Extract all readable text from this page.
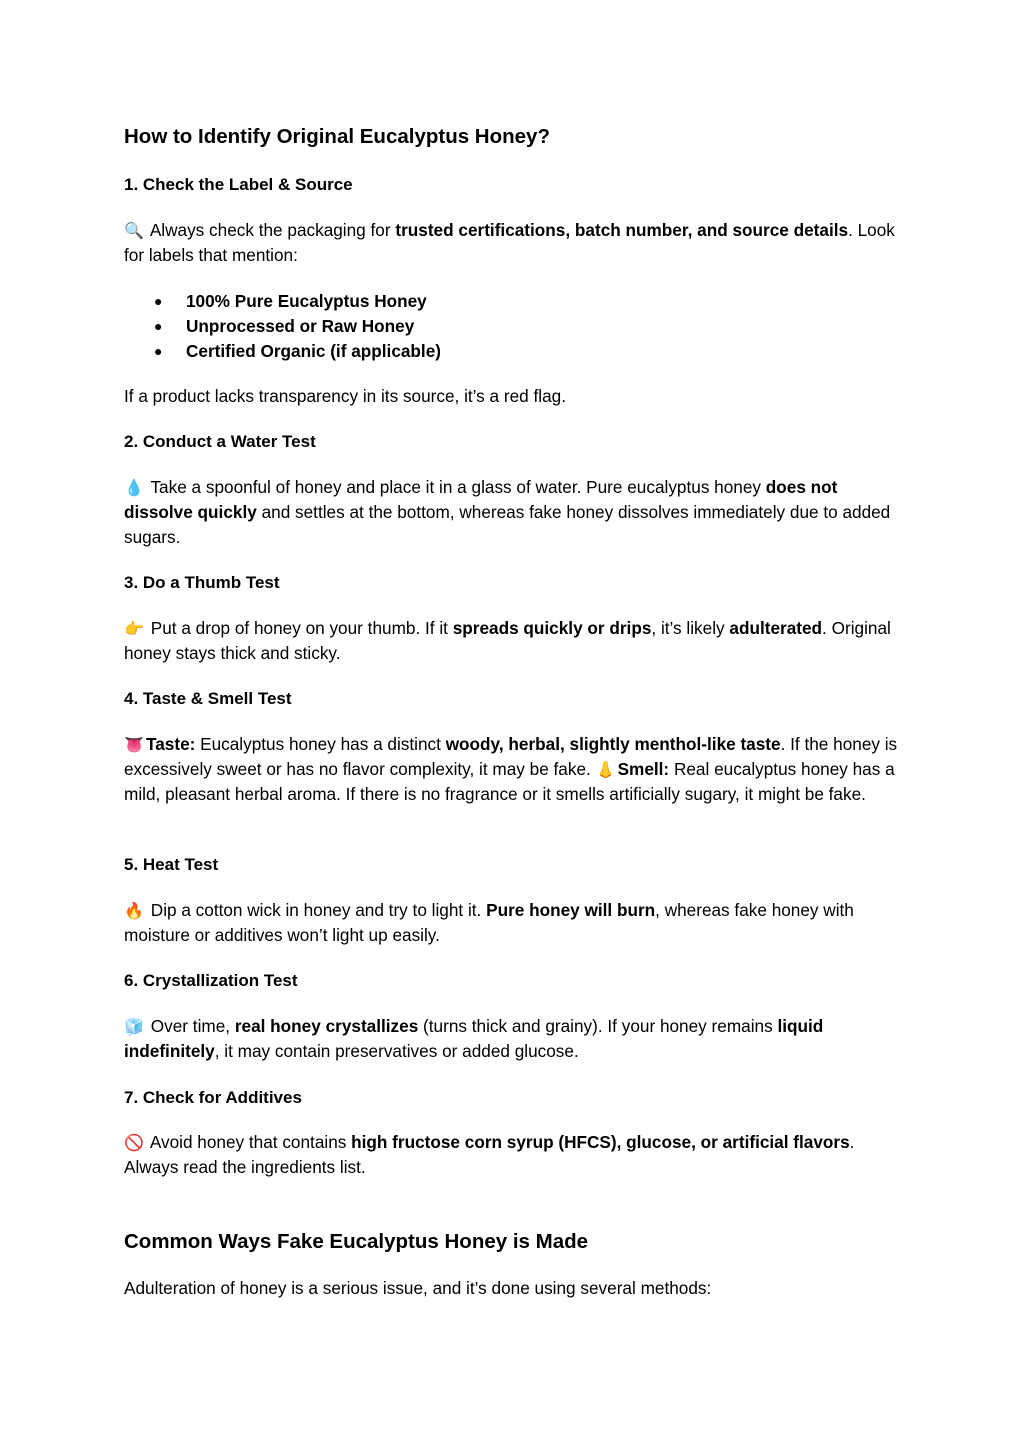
How to Identify Original Eucalyptus Honey?
1. Check the Label & Source

🔍 Always check the packaging for trusted certifications, batch number, and source details. Look for labels that mention:

● 100% Pure Eucalyptus Honey
● Unprocessed or Raw Honey
● Certified Organic (if applicable)

If a product lacks transparency in its source, it’s a red flag.

2. Conduct a Water Test

💧 Take a spoonful of honey and place it in a glass of water. Pure eucalyptus honey does not dissolve quickly and settles at the bottom, whereas fake honey dissolves immediately due to added sugars.

3. Do a Thumb Test

👉 Put a drop of honey on your thumb. If it spreads quickly or drips, it’s likely adulterated. Original honey stays thick and sticky.

4. Taste & Smell Test

👅 Taste: Eucalyptus honey has a distinct woody, herbal, slightly menthol-like taste. If the honey is excessively sweet or has no flavor complexity, it may be fake. 👃 Smell: Real eucalyptus honey has a mild, pleasant herbal aroma. If there is no fragrance or it smells artificially sugary, it might be fake.

5. Heat Test

🔥 Dip a cotton wick in honey and try to light it. Pure honey will burn, whereas fake honey with moisture or additives won’t light up easily.

6. Crystallization Test

🧊 Over time, real honey crystallizes (turns thick and grainy). If your honey remains liquid indefinitely, it may contain preservatives or added glucose.

7. Check for Additives

🚫 Avoid honey that contains high fructose corn syrup (HFCS), glucose, or artificial flavors. Always read the ingredients list.

Common Ways Fake Eucalyptus Honey is Made

Adulteration of honey is a serious issue, and it’s done using several methods:
